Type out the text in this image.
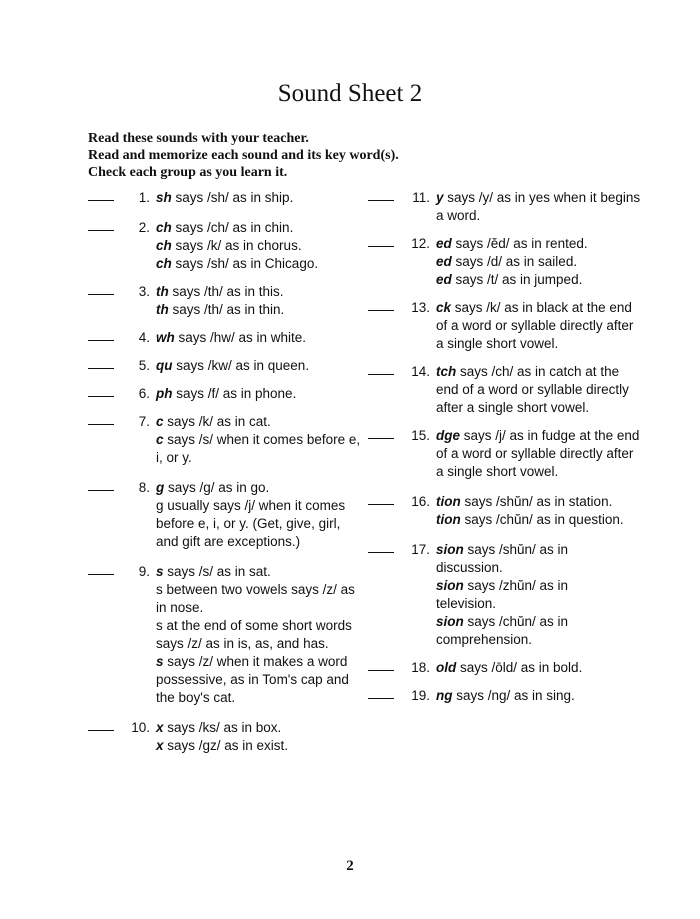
Sound Sheet 2
Read these sounds with your teacher.
Read and memorize each sound and its key word(s).
Check each group as you learn it.
1. sh says /sh/ as in ship.
2. ch says /ch/ as in chin.
ch says /k/ as in chorus.
ch says /sh/ as in Chicago.
3. th says /th/ as in this.
th says /th/ as in thin.
4. wh says /hw/ as in white.
5. qu says /kw/ as in queen.
6. ph says /f/ as in phone.
7. c says /k/ as in cat.
c says /s/ when it comes before e,
i, or y.
8. g says /g/ as in go.
g usually says /j/ when it comes
before e, i, or y. (Get, give, girl,
and gift are exceptions.)
9. s says /s/ as in sat.
s between two vowels says /z/ as
in nose.
s at the end of some short words
says /z/ as in is, as, and has.
s says /z/ when it makes a word
possessive, as in Tom's cap and
the boy's cat.
10. x says /ks/ as in box.
x says /gz/ as in exist.
11. y says /y/ as in yes when it begins
a word.
12. ed says /ĕd/ as in rented.
ed says /d/ as in sailed.
ed says /t/ as in jumped.
13. ck says /k/ as in black at the end
of a word or syllable directly after
a single short vowel.
14. tch says /ch/ as in catch at the
end of a word or syllable directly
after a single short vowel.
15. dge says /j/ as in fudge at the end
of a word or syllable directly after
a single short vowel.
16. tion says /shŭn/ as in station.
tion says /chŭn/ as in question.
17. sion says /shŭn/ as in
discussion.
sion says /zhŭn/ as in
television.
sion says /chŭn/ as in
comprehension.
18. old says /ōld/ as in bold.
19. ng says /ng/ as in sing.
2
